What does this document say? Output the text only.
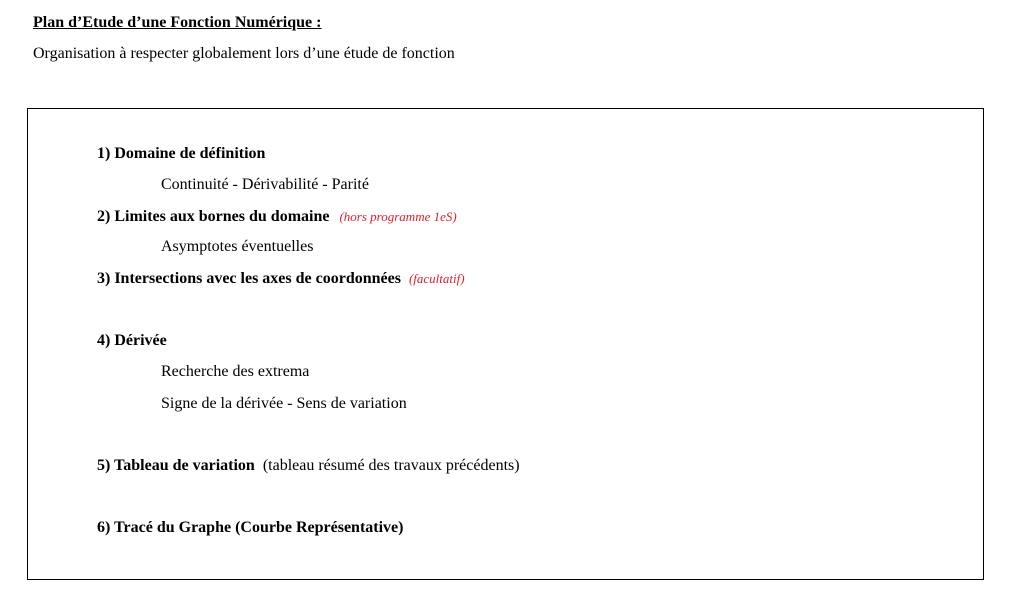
Plan d’Etude d’une Fonction Numérique :
Organisation à respecter globalement lors d’une étude de fonction
1) Domaine de définition
Continuité - Dérivabilité - Parité
2) Limites aux bornes du domaine (hors programme 1eS)
Asymptotes éventuelles
3) Intersections avec les axes de coordonnées (facultatif)
4) Dérivée
Recherche des extrema
Signe de la dérivée - Sens de variation
5) Tableau de variation (tableau résumé des travaux précédents)
6) Tracé du Graphe (Courbe Représentative)
